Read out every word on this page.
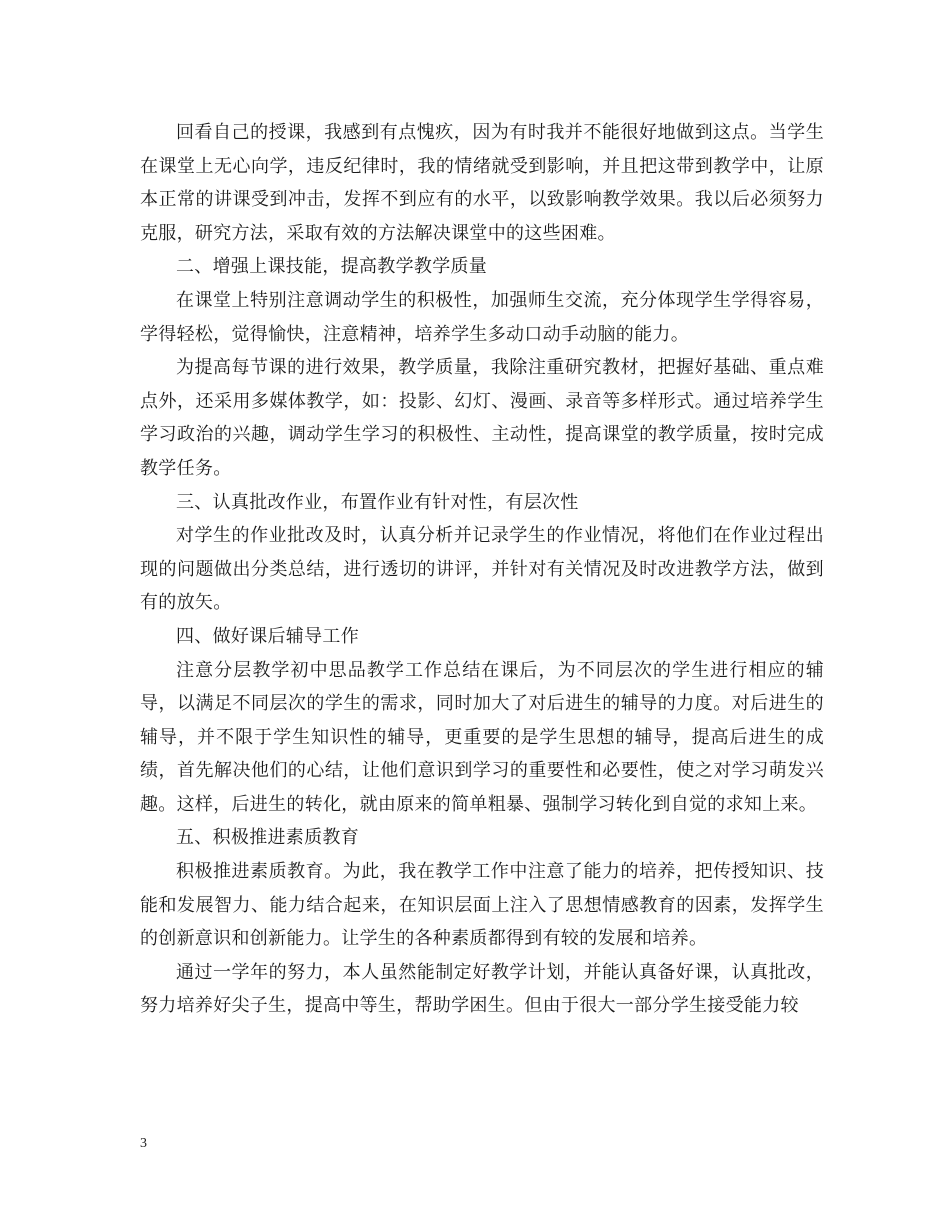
回看自己的授课，我感到有点愧疚，因为有时我并不能很好地做到这点。当学生在课堂上无心向学，违反纪律时，我的情绪就受到影响，并且把这带到教学中，让原本正常的讲课受到冲击，发挥不到应有的水平，以致影响教学效果。我以后必须努力克服，研究方法，采取有效的方法解决课堂中的这些困难。

二、增强上课技能，提高教学教学质量

在课堂上特别注意调动学生的积极性，加强师生交流，充分体现学生学得容易，学得轻松，觉得愉快，注意精神，培养学生多动口动手动脑的能力。

为提高每节课的进行效果，教学质量，我除注重研究教材，把握好基础、重点难点外，还采用多媒体教学，如：投影、幻灯、漫画、录音等多样形式。通过培养学生学习政治的兴趣，调动学生学习的积极性、主动性，提高课堂的教学质量，按时完成教学任务。

三、认真批改作业，布置作业有针对性，有层次性

对学生的作业批改及时，认真分析并记录学生的作业情况，将他们在作业过程出现的问题做出分类总结，进行透切的讲评，并针对有关情况及时改进教学方法，做到有的放矢。

四、做好课后辅导工作

注意分层教学初中思品教学工作总结在课后，为不同层次的学生进行相应的辅导，以满足不同层次的学生的需求，同时加大了对后进生的辅导的力度。对后进生的辅导，并不限于学生知识性的辅导，更重要的是学生思想的辅导，提高后进生的成绩，首先解决他们的心结，让他们意识到学习的重要性和必要性，使之对学习萌发兴趣。这样，后进生的转化，就由原来的简单粗暴、强制学习转化到自觉的求知上来。

五、积极推进素质教育

积极推进素质教育。为此，我在教学工作中注意了能力的培养，把传授知识、技能和发展智力、能力结合起来，在知识层面上注入了思想情感教育的因素，发挥学生的创新意识和创新能力。让学生的各种素质都得到有较的发展和培养。

通过一学年的努力，本人虽然能制定好教学计划，并能认真备好课，认真批改，努力培养好尖子生，提高中等生，帮助学困生。但由于很大一部分学生接受能力较

3
